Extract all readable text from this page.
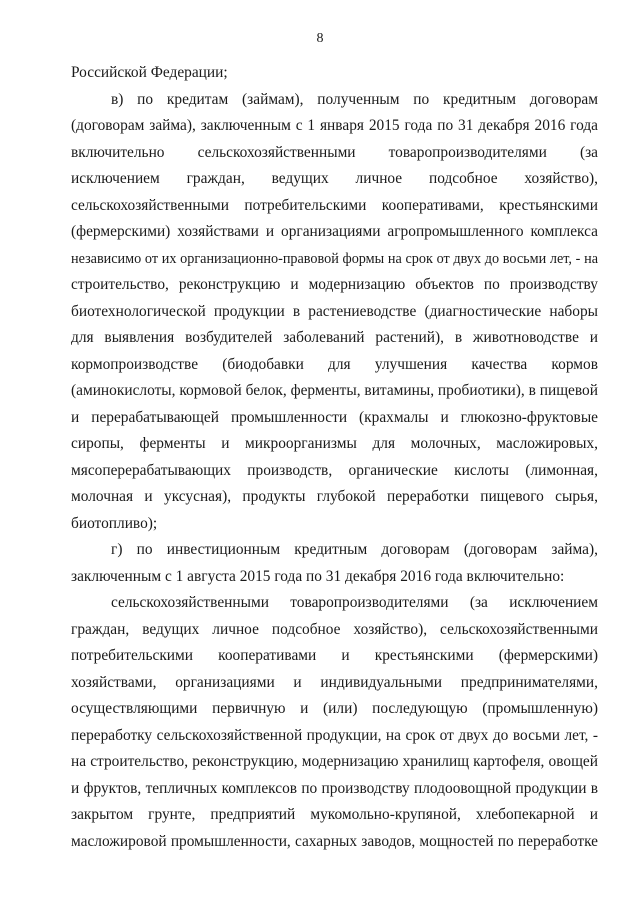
8
Российской Федерации;
в) по кредитам (займам), полученным по кредитным договорам
(договорам займа), заключенным с 1 января 2015 года по 31 декабря 2016 года
включительно сельскохозяйственными товаропроизводителями (за
исключением граждан, ведущих личное подсобное хозяйство),
сельскохозяйственными потребительскими кооперативами, крестьянскими
(фермерскими) хозяйствами и организациями агропромышленного комплекса
независимо от их организационно-правовой формы на срок от двух до восьми лет, - на
строительство, реконструкцию и модернизацию объектов по производству
биотехнологической продукции в растениеводстве (диагностические наборы
для выявления возбудителей заболеваний растений), в животноводстве и
кормопроизводстве (биодобавки для улучшения качества кормов
(аминокислоты, кормовой белок, ферменты, витамины, пробиотики), в пищевой
и перерабатывающей промышленности (крахмалы и глюкозно-фруктовые
сиропы, ферменты и микроорганизмы для молочных, масложировых,
мясоперерабатывающих производств, органические кислоты (лимонная,
молочная и уксусная), продукты глубокой переработки пищевого сырья,
биотопливо);
г) по инвестиционным кредитным договорам (договорам займа),
заключенным с 1 августа 2015 года по 31 декабря 2016 года включительно:
сельскохозяйственными товаропроизводителями (за исключением
граждан, ведущих личное подсобное хозяйство), сельскохозяйственными
потребительскими кооперативами и крестьянскими (фермерскими)
хозяйствами, организациями и индивидуальными предпринимателями,
осуществляющими первичную и (или) последующую (промышленную)
переработку сельскохозяйственной продукции, на срок от двух до восьми лет, -
на строительство, реконструкцию, модернизацию хранилищ картофеля, овощей
и фруктов, тепличных комплексов по производству плодоовощной продукции в
закрытом грунте, предприятий мукомольно-крупяной, хлебопекарной и
масложировой промышленности, сахарных заводов, мощностей по переработке
